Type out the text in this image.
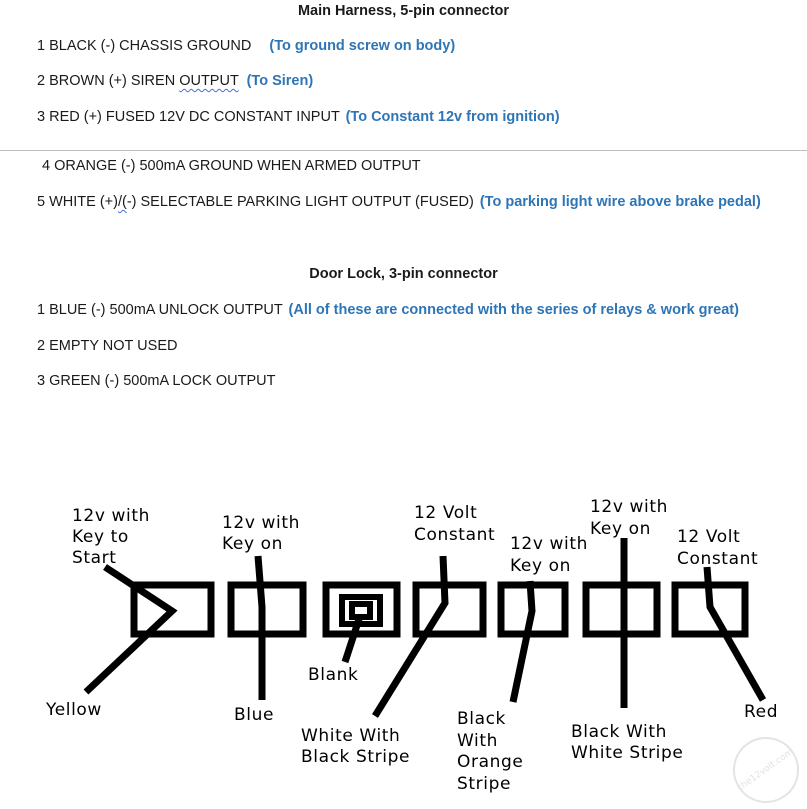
Main Harness, 5-pin connector
1 BLACK (-) CHASSIS GROUND (To ground screw on body)
2 BROWN (+) SIREN OUTPUT (To Siren)
3 RED (+) FUSED 12V DC CONSTANT INPUT (To Constant 12v from ignition)
4 ORANGE (-) 500mA GROUND WHEN ARMED OUTPUT
5 WHITE (+)/(-) SELECTABLE PARKING LIGHT OUTPUT (FUSED) (To parking light wire above brake pedal)
Door Lock, 3-pin connector
1 BLUE (-) 500mA UNLOCK OUTPUT (All of these are connected with the series of relays & work great)
2 EMPTY NOT USED
3 GREEN (-) 500mA LOCK OUTPUT
12v with
Key to
Start
12v with
Key on
12 Volt
Constant 12v with
Key on
12v with
Key on 12 Volt
Constant
Yellow
Blank
Blue
White With
Black Stripe
Black
With
Orange
Stripe
Black With
White Stripe
Red
the12volt.com
